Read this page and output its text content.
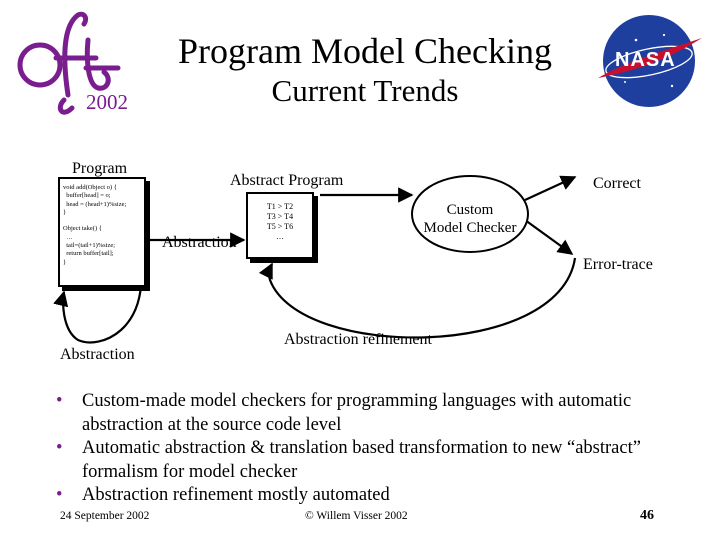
Program Model Checking
Current Trends
2002
NASA
Program
void add(Object o) {
buffer[head] = o;
head = (head+1)%size;
}

Object take() {
…
tail=(tail+1)%size;
return buffer[tail];
}
Abstract Program
T1 > T2
T3 > T4
T5 > T6
…
Abstraction
Custom
Model Checker
Correct
Error-trace
Abstraction refinement
Abstraction
• Custom-made model checkers for programming languages with automatic abstraction at the source code level
• Automatic abstraction & translation based transformation to new “abstract” formalism for model checker
• Abstraction refinement mostly automated
24 September 2002	© Willem Visser 2002	46
